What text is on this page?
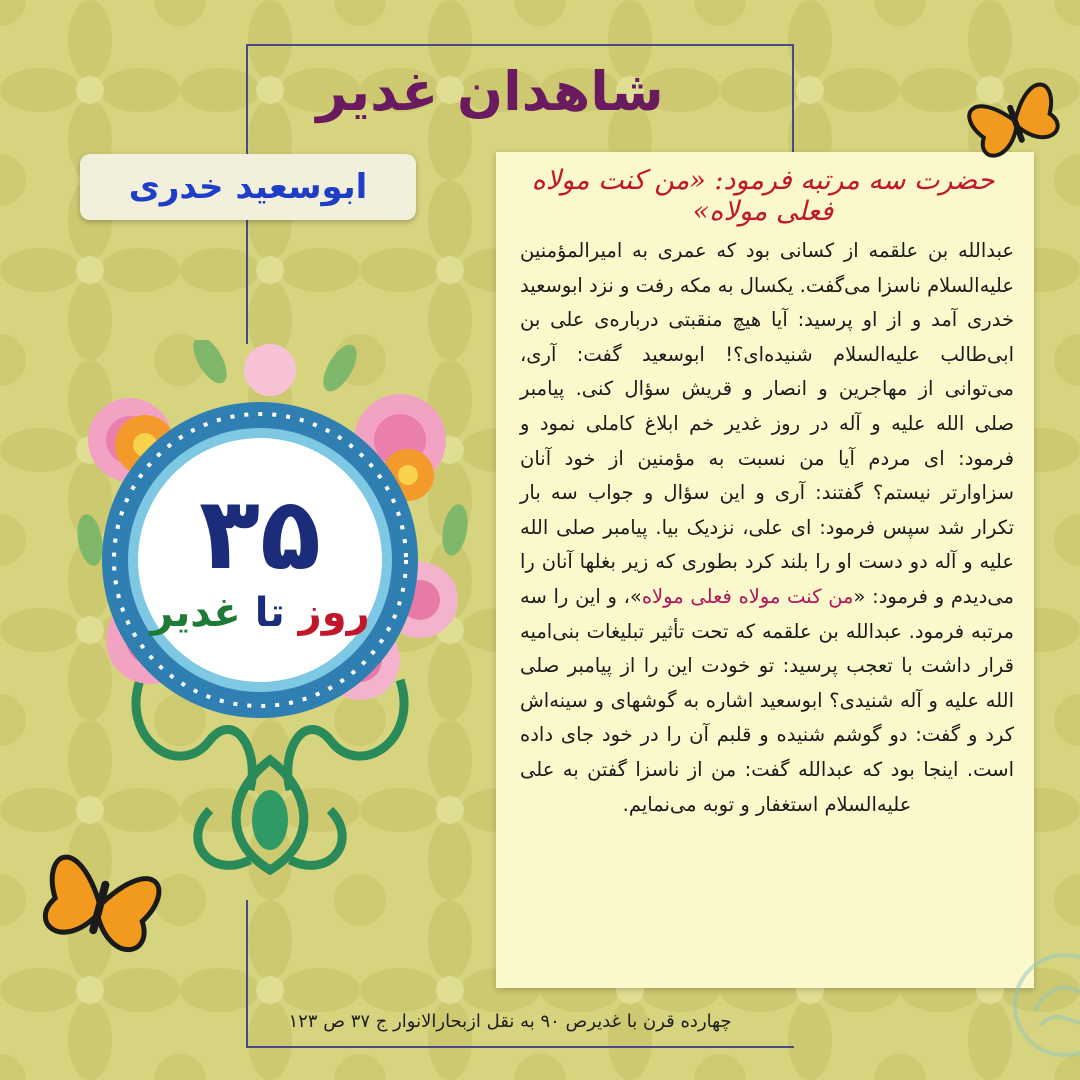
شاهدان غدیر
ابوسعید خدری	حضرت سه مرتبه فرمود: «من کنت مولاه فعلی مولاه»
عبدالله بن علقمه از کسانی بود که عمری به امیرالمؤمنین علیه‌السلام ناسزا می‌گفت. یکسال به مکه رفت و نزد ابوسعید خدری آمد و از او پرسید: آیا هیچ منقبتی درباره‌ی علی بن ابی‌طالب علیه‌السلام شنیده‌ای؟! ابوسعید گفت: آری، می‌توانی از مهاجرین و انصار و قریش سؤال کنی. پیامبر صلی الله علیه و آله در روز غدیر خم ابلاغ کاملی نمود و فرمود: ای مردم آیا من نسبت به مؤمنین از خود آنان سزاوارتر نیستم؟ گفتند: آری و این سؤال و جواب سه بار تکرار شد سپس فرمود: ای علی، نزدیک بیا. پیامبر صلی الله علیه و آله دو دست او را بلند کرد بطوری که زیر بغلها آنان را می‌دیدم و فرمود: «من کنت مولاه فعلی مولاه»، و این را سه مرتبه فرمود. عبدالله بن علقمه که تحت تأثیر تبلیغات بنی‌امیه قرار داشت با تعجب پرسید: تو خودت این را از پیامبر صلی الله علیه و آله شنیدی؟ ابوسعید اشاره به گوشهای و سینه‌اش کرد و گفت: دو گوشم شنیده و قلبم آن را در خود جای داده است. اینجا بود که عبدالله گفت: من از ناسزا گفتن به علی علیه‌السلام استغفار و توبه می‌نمایم.
چهارده قرن با غدیرص ۹۰ به نقل ازبحارالانوار ج ۳۷ ص ۱۲۳
۳۵
روز تا غدیر
